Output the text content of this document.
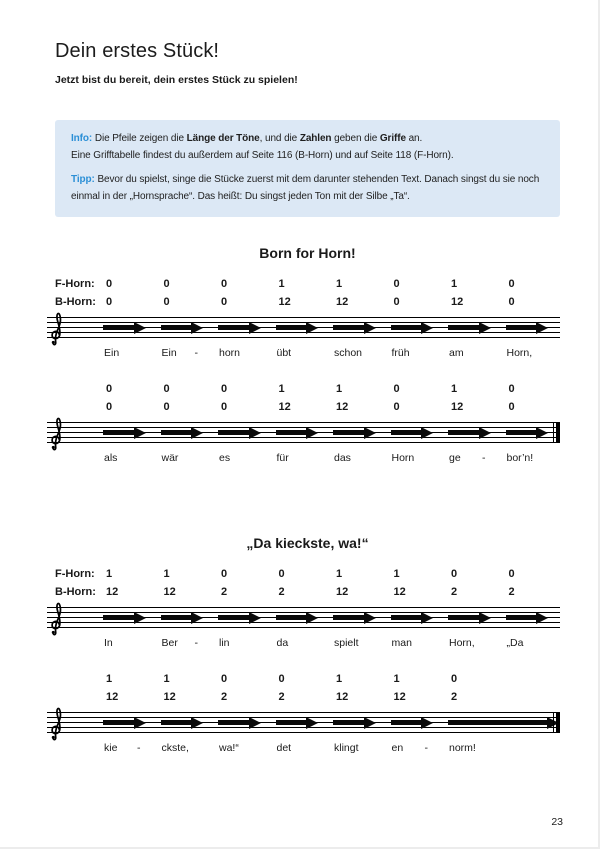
Dein erstes Stück!

Jetzt bist du bereit, dein erstes Stück zu spielen!

Info: Die Pfeile zeigen die Länge der Töne, und die Zahlen geben die Griffe an.
Eine Grifftabelle findest du außerdem auf Seite 116 (B-Horn) und auf Seite 118 (F-Horn).

Tipp: Bevor du spielst, singe die Stücke zuerst mit dem darunter stehenden Text. Danach singst du sie noch einmal in der „Hornsprache“. Das heißt: Du singst jeden Ton mit der Silbe „Ta“.

Born for Horn!
F-Horn:	0	0	0	1	1	0	1	0
B-Horn: 0	0	0	12	12	0	12	0
Ein	Ein -	horn	übt	schon	früh	am	Horn,
0	0	0	1	1	0	1	0
0	0	0	12	12	0	12	0
als	wär	es	für	das	Horn	ge -	bor’n!
„Da kieckste, wa!“
F-Horn:	1	1	0	0	1	1	0	0
B-Horn: 12	12	2	2	12	12	2	2
In	Ber -	lin	da	spielt	man	Horn,	„Da
1	1	0	0	1	1	0
12	12	2	2	12	12	2
kie -	ckste,	wa!“	det	klingt	en -	norm!
23
